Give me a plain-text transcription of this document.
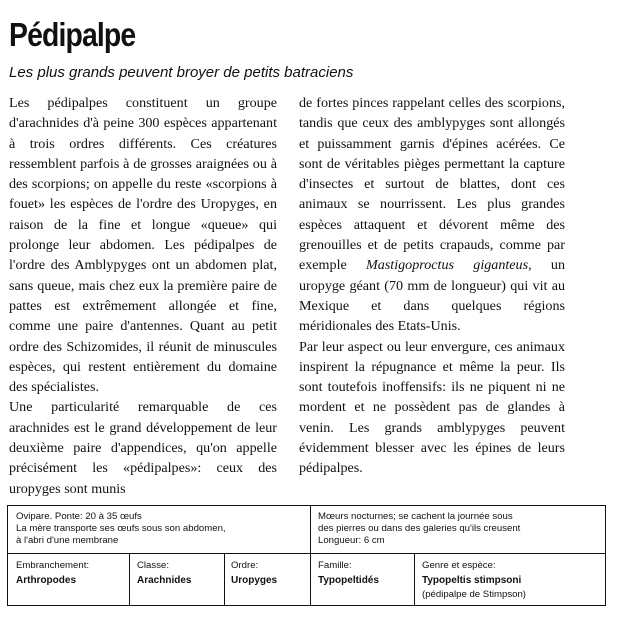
Pédipalpe
Les plus grands peuvent broyer de petits batraciens

Les pédipalpes constituent un groupe d'arachnides d'à peine 300 espèces appartenant à trois ordres différents. Ces créatures ressemblent parfois à de grosses araignées ou à des scorpions; on appelle du reste «scorpions à fouet» les espèces de l'ordre des Uropyges, en raison de la fine et longue «queue» qui prolonge leur abdomen. Les pédipalpes de l'ordre des Amblypyges ont un abdomen plat, sans queue, mais chez eux la première paire de pattes est extrêmement allongée et fine, comme une paire d'antennes. Quant au petit ordre des Schizomides, il réunit de minuscules espèces, qui restent entièrement du domaine des spécialistes.

Une particularité remarquable de ces arachnides est le grand développement de leur deuxième paire d'appendices, qu'on appelle précisément les «pédipalpes»: ceux des uropyges sont munis

de fortes pinces rappelant celles des scorpions, tandis que ceux des amblypyges sont allongés et puissamment garnis d'épines acérées. Ce sont de véritables pièges permettant la capture d'insectes et surtout de blattes, dont ces animaux se nourrissent. Les plus grandes espèces attaquent et dévorent même des grenouilles et de petits crapauds, comme par exemple Mastigoproctus giganteus, un uropyge géant (70 mm de longueur) qui vit au Mexique et dans quelques régions méridionales des Etats-Unis.

Par leur aspect ou leur envergure, ces animaux inspirent la répugnance et même la peur. Ils sont toutefois inoffensifs: ils ne piquent ni ne mordent et ne possèdent pas de glandes à venin. Les grands amblypyges peuvent évidemment blesser avec les épines de leurs pédipalpes.

Ovipare. Ponte: 20 à 35 œufs
La mère transporte ses œufs sous son abdomen,
à l'abri d'une membrane
Mœurs nocturnes; se cachent la journée sous
des pierres ou dans des galeries qu'ils creusent
Longueur: 6 cm
Embranchement:
Arthropodes
Classe:
Arachnides
Ordre:
Uropyges
Famille:
Typopeltidés
Genre et espèce:
Typopeltis stimpsoni
(pédipalpe de Stimpson)
